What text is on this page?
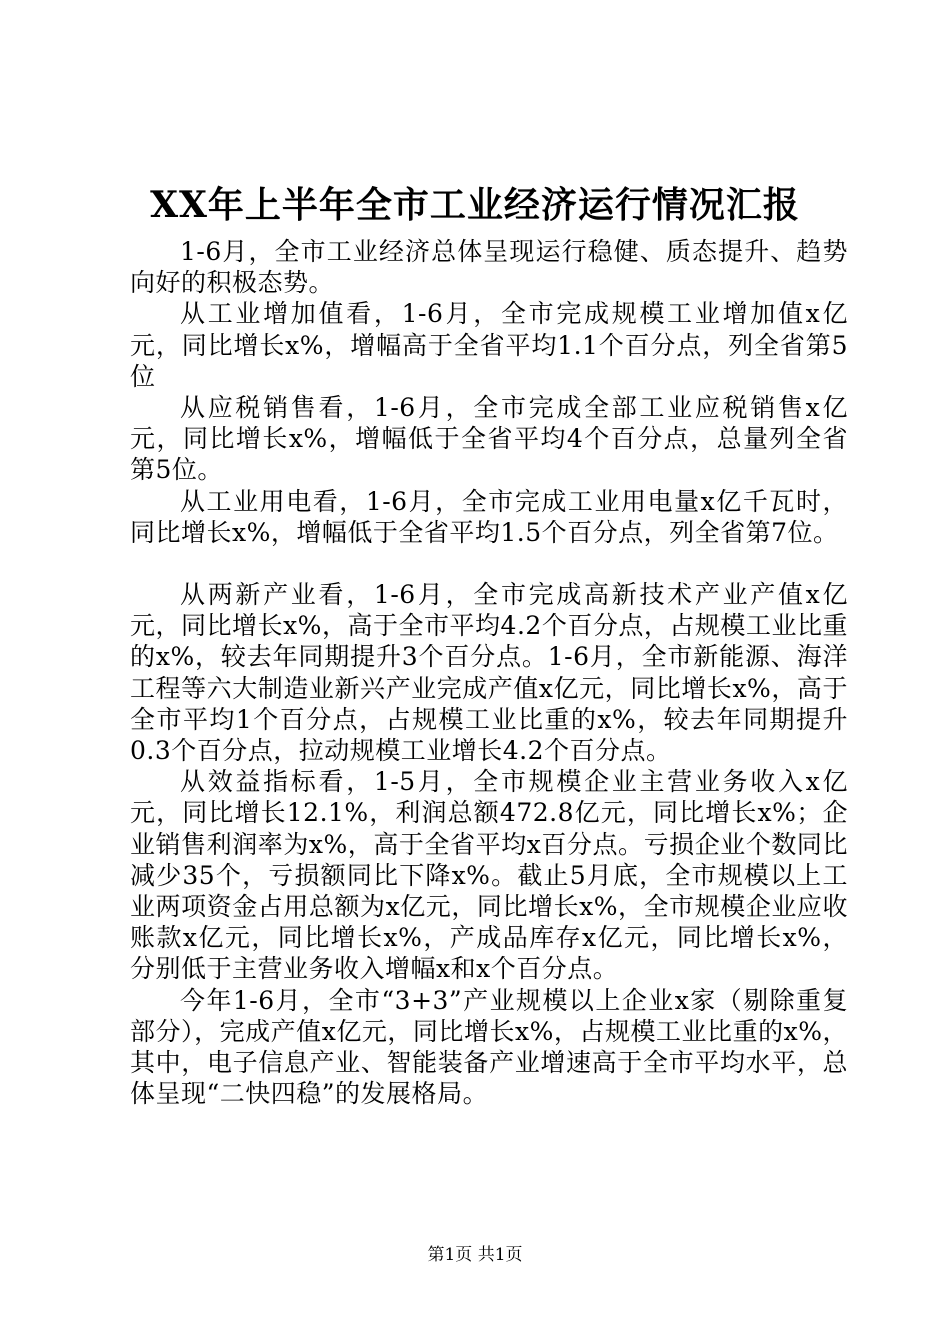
XX年上半年全市工业经济运行情况汇报

1-6月，全市工业经济总体呈现运行稳健、质态提升、趋势向好的积极态势。

从工业增加值看，1-6月，全市完成规模工业增加值x亿元，同比增长x%，增幅高于全省平均1.1个百分点，列全省第5位

从应税销售看，1-6月，全市完成全部工业应税销售x亿元，同比增长x%，增幅低于全省平均4个百分点，总量列全省第5位。

从工业用电看，1-6月，全市完成工业用电量x亿千瓦时，同比增长x%，增幅低于全省平均1.5个百分点，列全省第7位。

从两新产业看，1-6月，全市完成高新技术产业产值x亿元，同比增长x%，高于全市平均4.2个百分点，占规模工业比重的x%，较去年同期提升3个百分点。1-6月，全市新能源、海洋工程等六大制造业新兴产业完成产值x亿元，同比增长x%，高于全市平均1个百分点，占规模工业比重的x%，较去年同期提升0.3个百分点，拉动规模工业增长4.2个百分点。

从效益指标看，1-5月，全市规模企业主营业务收入x亿元，同比增长12.1%，利润总额472.8亿元，同比增长x%；企业销售利润率为x%，高于全省平均x百分点。亏损企业个数同比减少35个，亏损额同比下降x%。截止5月底，全市规模以上工业两项资金占用总额为x亿元，同比增长x%，全市规模企业应收账款x亿元，同比增长x%，产成品库存x亿元，同比增长x%，分别低于主营业务收入增幅x和x个百分点。

今年1-6月，全市“3+3”产业规模以上企业x家（剔除重复部分），完成产值x亿元，同比增长x%，占规模工业比重的x%，其中，电子信息产业、智能装备产业增速高于全市平均水平，总体呈现“二快四稳”的发展格局。

第1页 共1页
